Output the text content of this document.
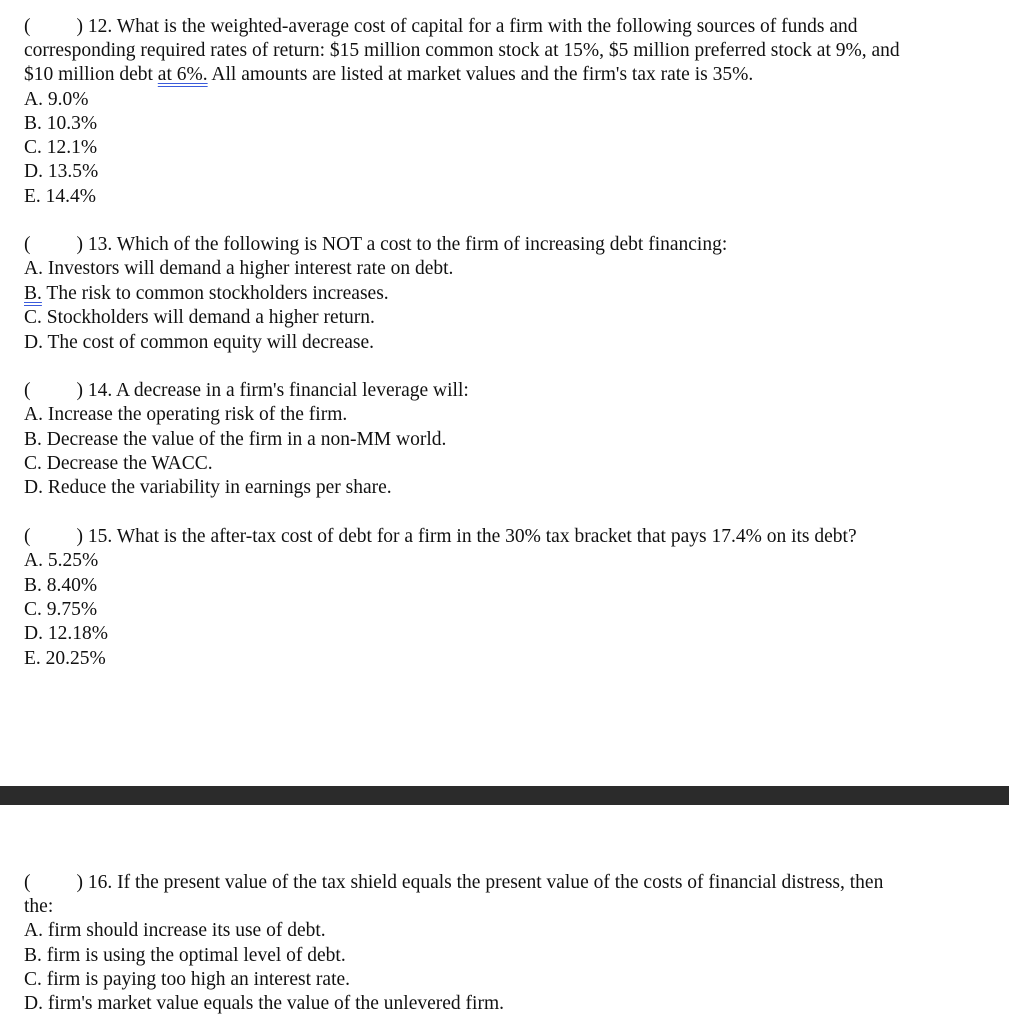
( ) 12. What is the weighted-average cost of capital for a firm with the following sources of funds and
corresponding required rates of return: $15 million common stock at 15%, $5 million preferred stock at 9%, and
$10 million debt at 6%. All amounts are listed at market values and the firm's tax rate is 35%.
A. 9.0%
B. 10.3%
C. 12.1%
D. 13.5%
E. 14.4%
( ) 13. Which of the following is NOT a cost to the firm of increasing debt financing:
A. Investors will demand a higher interest rate on debt.
B. The risk to common stockholders increases.
C. Stockholders will demand a higher return.
D. The cost of common equity will decrease.
( ) 14. A decrease in a firm's financial leverage will:
A. Increase the operating risk of the firm.
B. Decrease the value of the firm in a non-MM world.
C. Decrease the WACC.
D. Reduce the variability in earnings per share.
( ) 15. What is the after-tax cost of debt for a firm in the 30% tax bracket that pays 17.4% on its debt?
A. 5.25%
B. 8.40%
C. 9.75%
D. 12.18%
E. 20.25%
( ) 16. If the present value of the tax shield equals the present value of the costs of financial distress, then
the:
A. firm should increase its use of debt.
B. firm is using the optimal level of debt.
C. firm is paying too high an interest rate.
D. firm's market value equals the value of the unlevered firm.
